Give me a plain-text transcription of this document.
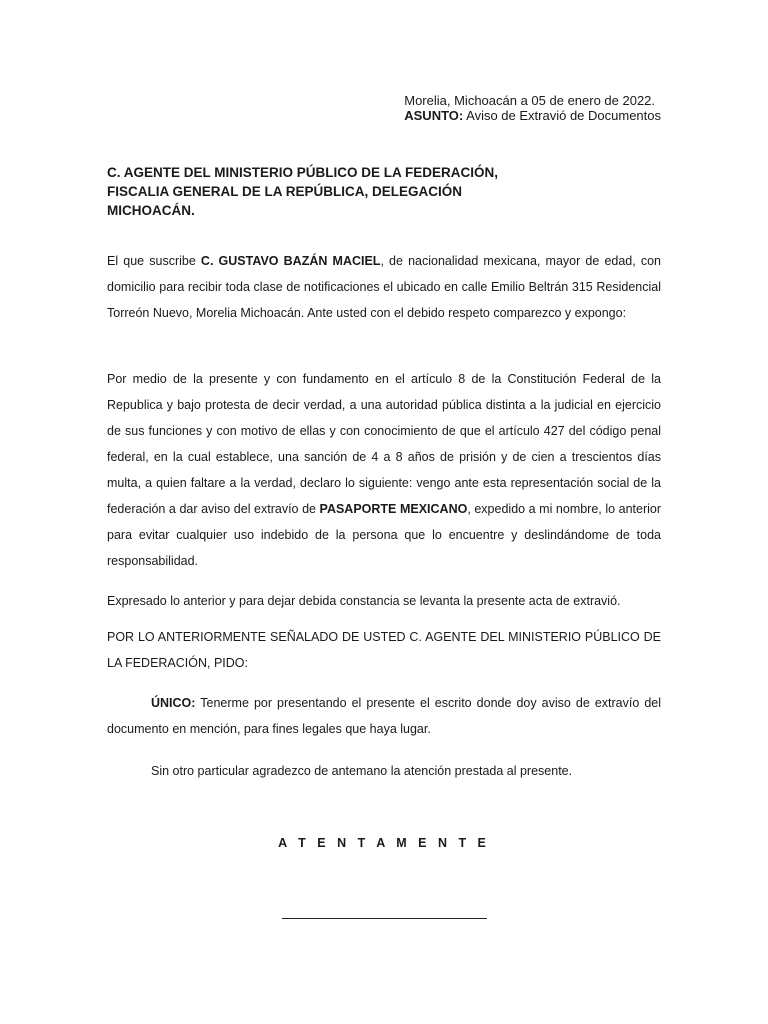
Morelia, Michoacán a 05 de enero de 2022.
ASUNTO: Aviso de Extravió de Documentos
C. AGENTE DEL MINISTERIO PÚBLICO DE LA FEDERACIÓN,
FISCALIA GENERAL DE LA REPÚBLICA, DELEGACIÓN
MICHOACÁN.

El que suscribe C. GUSTAVO BAZÁN MACIEL, de nacionalidad mexicana, mayor de edad, con domicilio para recibir toda clase de notificaciones el ubicado en calle Emilio Beltrán 315 Residencial Torreón Nuevo, Morelia Michoacán. Ante usted con el debido respeto comparezco y expongo:

Por medio de la presente y con fundamento en el artículo 8 de la Constitución Federal de la Republica y bajo protesta de decir verdad, a una autoridad pública distinta a la judicial en ejercicio de sus funciones y con motivo de ellas y con conocimiento de que el artículo 427 del código penal federal, en la cual establece, una sanción de 4 a 8 años de prisión y de cien a trescientos días multa, a quien faltare a la verdad, declaro lo siguiente: vengo ante esta representación social de la federación a dar aviso del extravío de PASAPORTE MEXICANO, expedido a mi nombre, lo anterior para evitar cualquier uso indebido de la persona que lo encuentre y deslindándome de toda responsabilidad.

Expresado lo anterior y para dejar debida constancia se levanta la presente acta de extravió.

POR LO ANTERIORMENTE SEÑALADO DE USTED C. AGENTE DEL MINISTERIO PÚBLICO DE LA FEDERACIÓN, PIDO:

ÚNICO: Tenerme por presentando el presente el escrito donde doy aviso de extravío del documento en mención, para fines legales que haya lugar.

Sin otro particular agradezco de antemano la atención prestada al presente.

A T E N T A M E N T E
